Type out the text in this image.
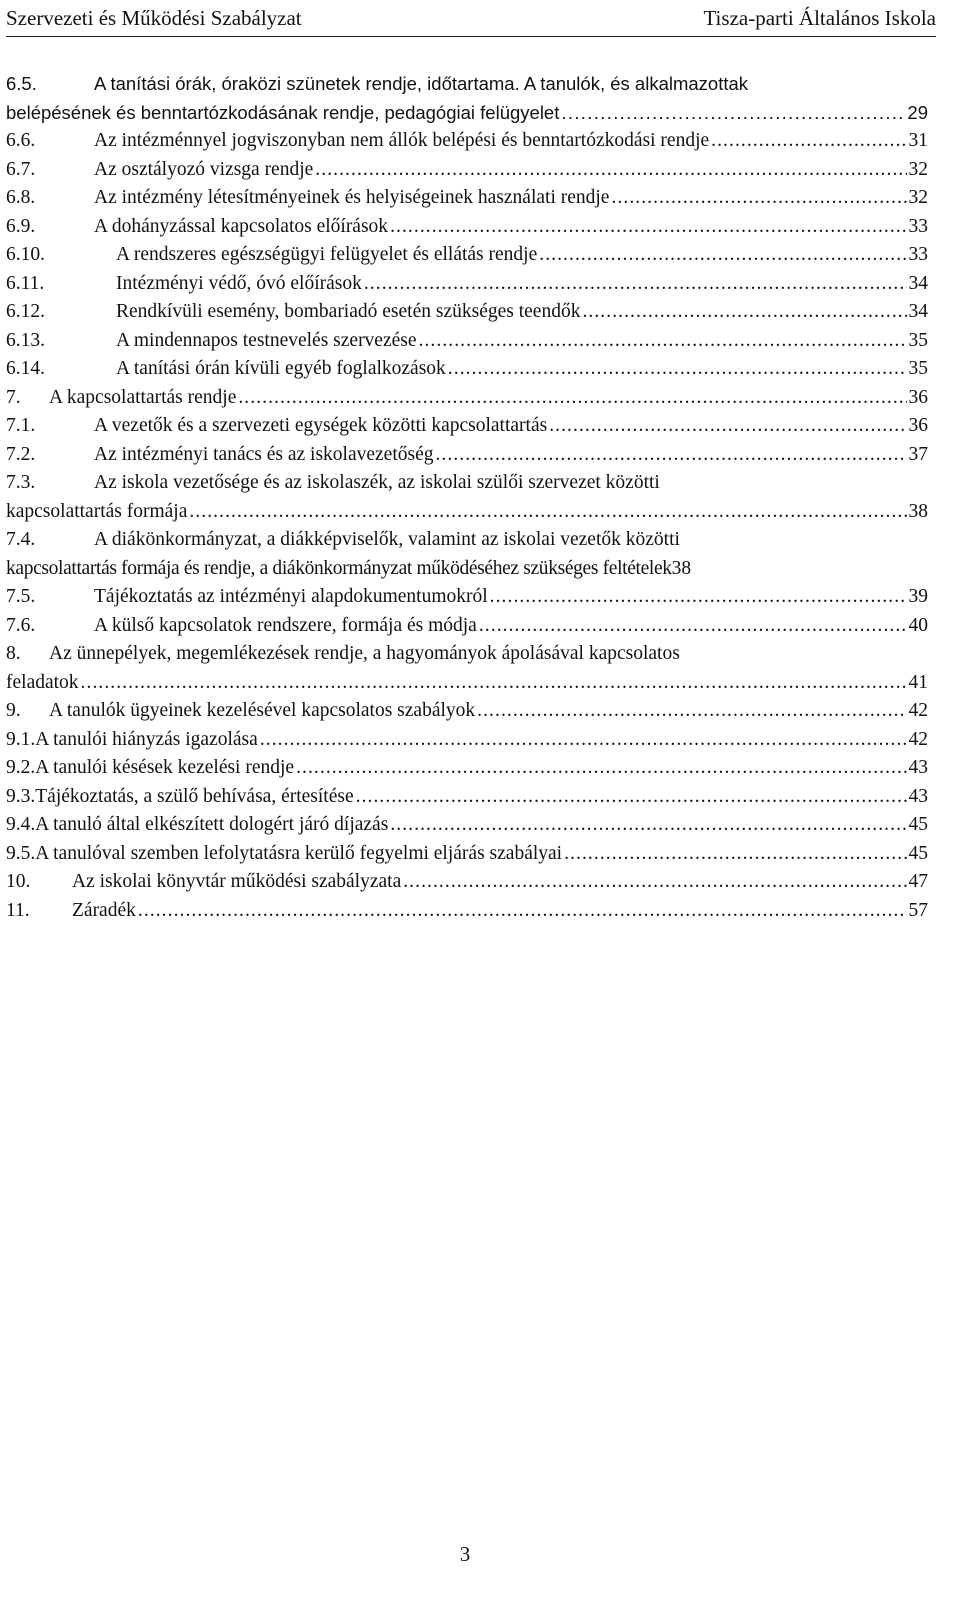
Szervezeti és Működési Szabályzat	Tisza-parti Általános Iskola
6.5.	A tanítási órák, óraközi szünetek rendje, időtartama. A tanulók, és alkalmazottak
belépésének és benntartózkodásának rendje, pedagógiai felügyelet . . .	29
6.6.	Az intézménnyel jogviszonyban nem állók belépési és benntartózkodási rendje . . .	31
6.7.	Az osztályozó vizsga rendje . . .	32
6.8.	Az intézmény létesítményeinek és helyiségeinek használati rendje . . .	32
6.9.	A dohányzással kapcsolatos előírások . . .	33
6.10.	A rendszeres egészségügyi felügyelet és ellátás rendje . . .	33
6.11.	Intézményi védő, óvó előírások . . .	34
6.12.	Rendkívüli esemény, bombariadó esetén szükséges teendők . . .	34
6.13.	A mindennapos testnevelés szervezése . . .	35
6.14.	A tanítási órán kívüli egyéb foglalkozások . . .	35
7. A kapcsolattartás rendje . . .	36
7.1.	A vezetők és a szervezeti egységek közötti kapcsolattartás . . .	36
7.2.	Az intézményi tanács és az iskolavezetőség . . .	37
7.3.	Az iskola vezetősége és az iskolaszék, az iskolai szülői szervezet közötti
kapcsolattartás formája . . .	38
7.4.	A diákönkormányzat, a diákképviselők, valamint az iskolai vezetők közötti
kapcsolattartás formája és rendje, a diákönkormányzat működéséhez szükséges feltételek 38
7.5.	Tájékoztatás az intézményi alapdokumentumokról . . .	39
7.6.	A külső kapcsolatok rendszere, formája és módja . . .	40
8. Az ünnepélyek, megemlékezések rendje, a hagyományok ápolásával kapcsolatos
feladatok . . .	41
9. A tanulók ügyeinek kezelésével kapcsolatos szabályok . . .	42
9.1.A tanulói hiányzás igazolása . . .	42
9.2.A tanulói késések kezelési rendje . . .	43
9.3.Tájékoztatás, a szülő behívása, értesítése . . .	43
9.4.A tanuló által elkészített dologért járó díjazás . . .	45
9.5.A tanulóval szemben lefolytatásra kerülő fegyelmi eljárás szabályai . . .	45
10. Az iskolai könyvtár működési szabályzata . . .	47
11. Záradék . . .	57
3
